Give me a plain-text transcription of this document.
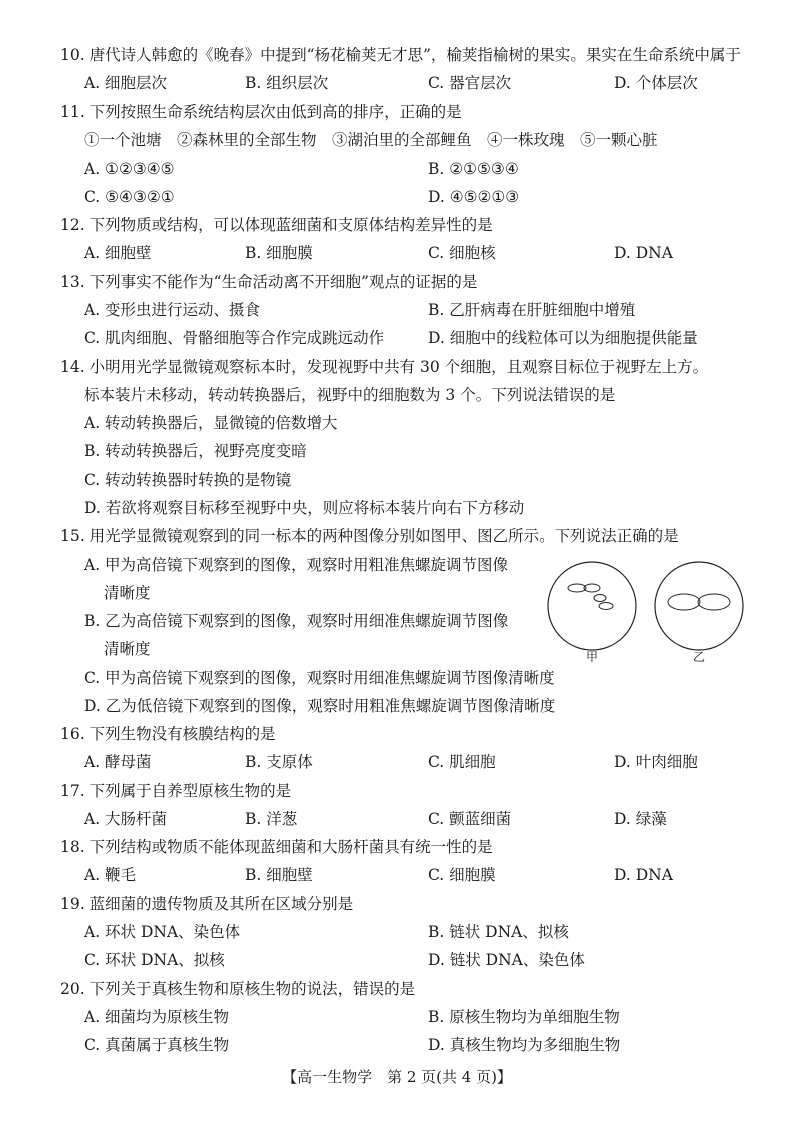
10. 唐代诗人韩愈的《晚春》中提到“杨花榆荚无才思”，榆荚指榆树的果实。果实在生命系统中属于
A. 细胞层次	B. 组织层次	C. 器官层次	D. 个体层次
11. 下列按照生命系统结构层次由低到高的排序，正确的是
①一个池塘　②森林里的全部生物　③湖泊里的全部鲤鱼　④一株玫瑰　⑤一颗心脏
A. ①②③④⑤	B. ②①⑤③④
C. ⑤④③②①	D. ④⑤②①③
12. 下列物质或结构，可以体现蓝细菌和支原体结构差异性的是
A. 细胞壁	B. 细胞膜	C. 细胞核	D. DNA
13. 下列事实不能作为“生命活动离不开细胞”观点的证据的是
A. 变形虫进行运动、摄食	B. 乙肝病毒在肝脏细胞中增殖
C. 肌肉细胞、骨骼细胞等合作完成跳远动作	D. 细胞中的线粒体可以为细胞提供能量
14. 小明用光学显微镜观察标本时，发现视野中共有 30 个细胞，且观察目标位于视野左上方。
标本装片未移动，转动转换器后，视野中的细胞数为 3 个。下列说法错误的是
A. 转动转换器后，显微镜的倍数增大
B. 转动转换器后，视野亮度变暗
C. 转动转换器时转换的是物镜
D. 若欲将观察目标移至视野中央，则应将标本装片向右下方移动
15. 用光学显微镜观察到的同一标本的两种图像分别如图甲、图乙所示。下列说法正确的是
A. 甲为高倍镜下观察到的图像，观察时用粗准焦螺旋调节图像
清晰度
B. 乙为高倍镜下观察到的图像，观察时用细准焦螺旋调节图像
清晰度
C. 甲为高倍镜下观察到的图像，观察时用细准焦螺旋调节图像清晰度
D. 乙为低倍镜下观察到的图像，观察时用粗准焦螺旋调节图像清晰度
甲	乙
16. 下列生物没有核膜结构的是
A. 酵母菌	B. 支原体	C. 肌细胞	D. 叶肉细胞
17. 下列属于自养型原核生物的是
A. 大肠杆菌	B. 洋葱	C. 颤蓝细菌	D. 绿藻
18. 下列结构或物质不能体现蓝细菌和大肠杆菌具有统一性的是
A. 鞭毛	B. 细胞壁	C. 细胞膜	D. DNA
19. 蓝细菌的遗传物质及其所在区域分别是
A. 环状 DNA、染色体	B. 链状 DNA、拟核
C. 环状 DNA、拟核	D. 链状 DNA、染色体
20. 下列关于真核生物和原核生物的说法，错误的是
A. 细菌均为原核生物	B. 原核生物均为单细胞生物
C. 真菌属于真核生物	D. 真核生物均为多细胞生物
【高一生物学　第 2 页(共 4 页)】
